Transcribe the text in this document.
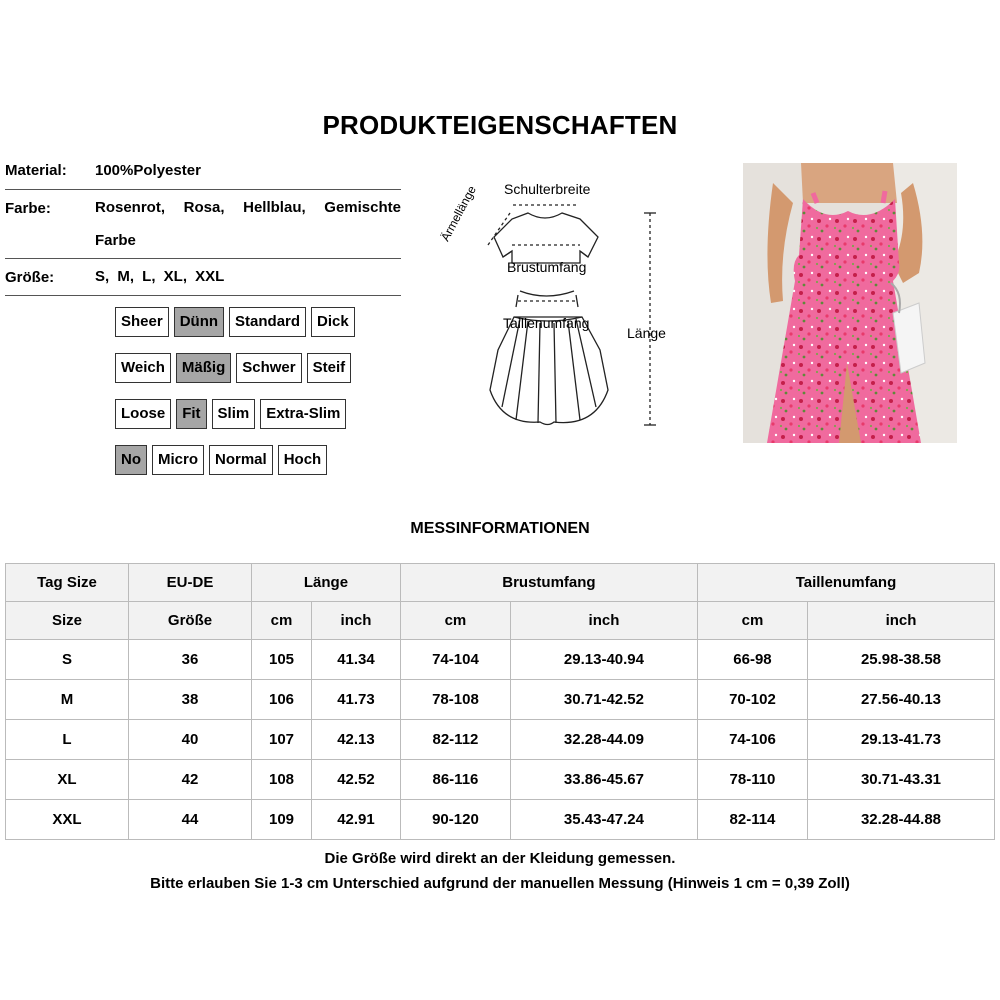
PRODUKTEIGENSCHAFTEN
Material: 100%Polyester
Farbe:	Rosenrot, Rosa, Hellblau, Gemischte Farbe
Größe:	S, M, L, XL, XXL
Sheer	Dünn	Standard	Dick
Weich	Mäßig	Schwer	Steif
Loose	Fit	Slim	Extra-Slim
No	Micro	Normal	Hoch
Schulterbreite
Ärmellänge
Brustumfang
Taillenumfang
Länge
MESSINFORMATIONEN
Tag Size	EU-DE	Länge		Brustumfang		Taillenumfang	
Size	Größe	cm	inch	cm	inch	cm	inch
S	36	105	41.34	74-104	29.13-40.94	66-98	25.98-38.58
M	38	106	41.73	78-108	30.71-42.52	70-102	27.56-40.13
L	40	107	42.13	82-112	32.28-44.09	74-106	29.13-41.73
XL	42	108	42.52	86-116	33.86-45.67	78-110	30.71-43.31
XXL	44	109	42.91	90-120	35.43-47.24	82-114	32.28-44.88
Die Größe wird direkt an der Kleidung gemessen.
Bitte erlauben Sie 1-3 cm Unterschied aufgrund der manuellen Messung (Hinweis 1 cm = 0,39 Zoll)
